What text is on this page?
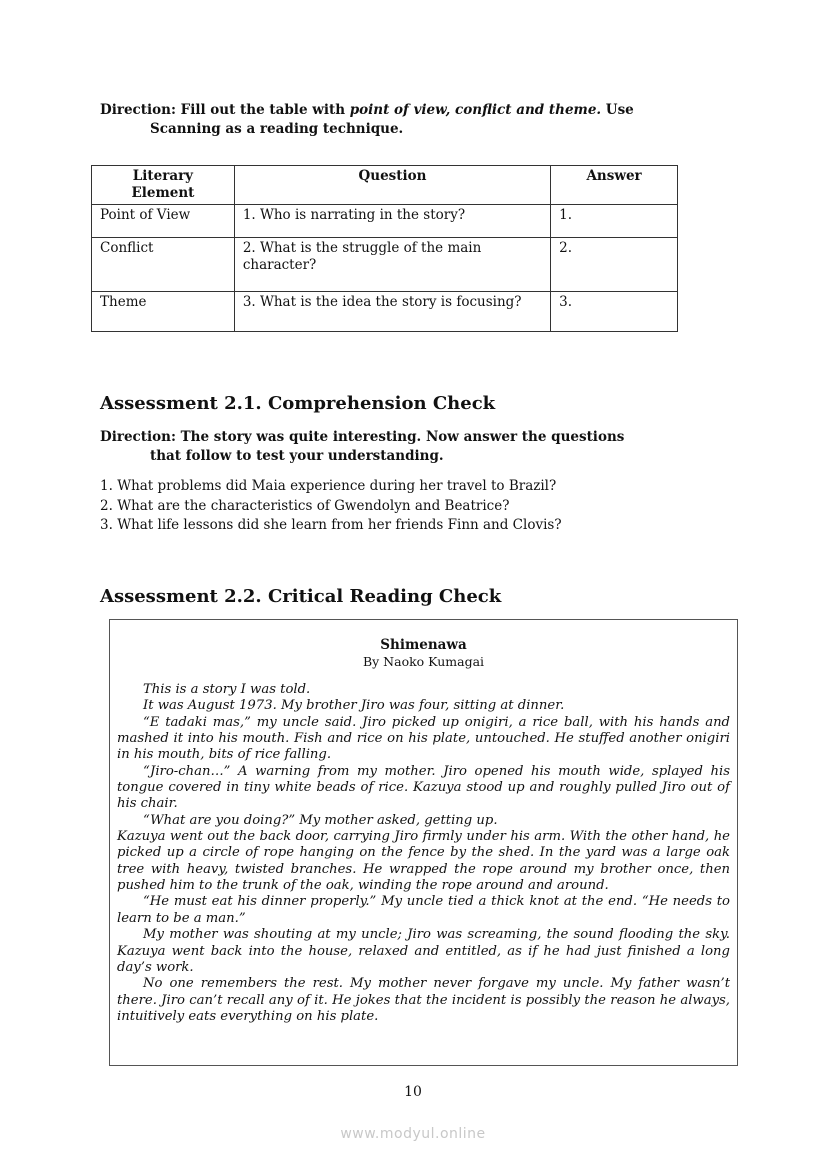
Direction: Fill out the table with point of view, conflict and theme. Use
Scanning as a reading technique.
Literary Element	Question	Answer
Point of View	1. Who is narrating in the story?	1.
Conflict	2. What is the struggle of the main character?	2.
Theme	3. What is the idea the story is focusing?	3.
Assessment 2.1. Comprehension Check
Direction: The story was quite interesting. Now answer the questions
that follow to test your understanding.
1. What problems did Maia experience during her travel to Brazil?
2. What are the characteristics of Gwendolyn and Beatrice?
3. What life lessons did she learn from her friends Finn and Clovis?
Assessment 2.2. Critical Reading Check
Shimenawa
By Naoko Kumagai

This is a story I was told.

It was August 1973. My brother Jiro was four, sitting at dinner.

“E tadaki mas,” my uncle said. Jiro picked up onigiri, a rice ball, with his hands and mashed it into his mouth. Fish and rice on his plate, untouched. He stuffed another onigiri in his mouth, bits of rice falling.

“Jiro-chan…” A warning from my mother. Jiro opened his mouth wide, splayed his tongue covered in tiny white beads of rice. Kazuya stood up and roughly pulled Jiro out of his chair.

“What are you doing?” My mother asked, getting up.

Kazuya went out the back door, carrying Jiro firmly under his arm. With the other hand, he picked up a circle of rope hanging on the fence by the shed. In the yard was a large oak tree with heavy, twisted branches. He wrapped the rope around my brother once, then pushed him to the trunk of the oak, winding the rope around and around.

“He must eat his dinner properly.” My uncle tied a thick knot at the end. “He needs to learn to be a man.”

My mother was shouting at my uncle; Jiro was screaming, the sound flooding the sky. Kazuya went back into the house, relaxed and entitled, as if he had just finished a long day’s work.

No one remembers the rest. My mother never forgave my uncle. My father wasn’t there. Jiro can’t recall any of it. He jokes that the incident is possibly the reason he always, intuitively eats everything on his plate.

10
www.modyul.online
